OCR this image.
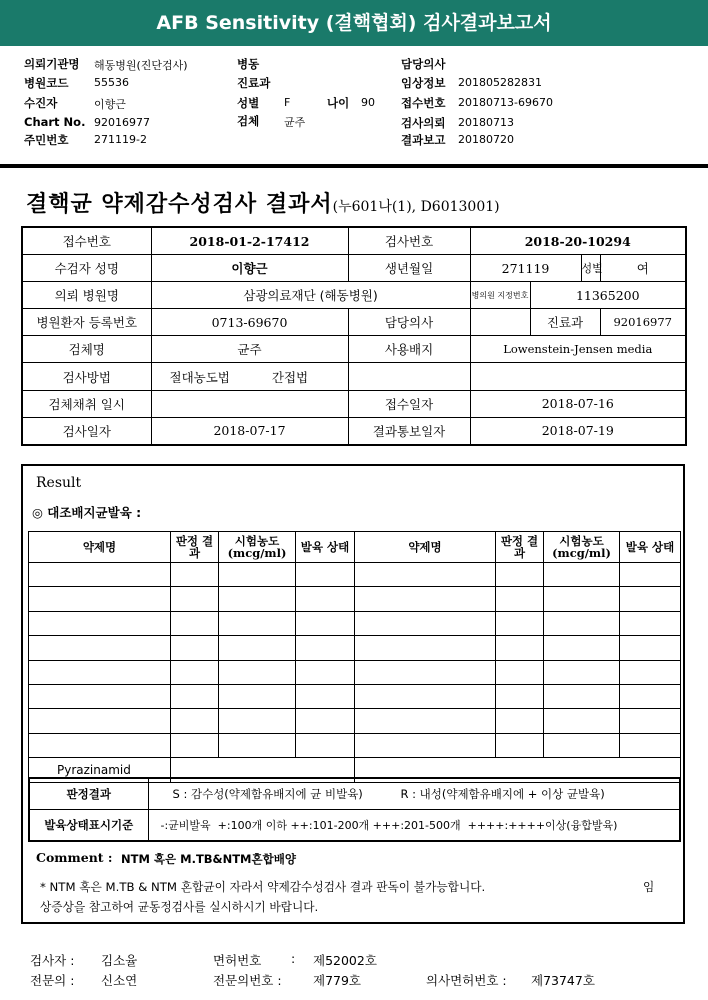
AFB Sensitivity (결핵협회) 검사결과보고서
의뢰기관명 해동병원(진단검사)
병원코드 55536
수진자	이향근
Chart No. 92016977
주민번호 271119-2
병동
진료과
성별 F	나이 90
검체 균주
담당의사
임상정보 201805282831
접수번호 20180713-69670
검사의뢰 20180713
결과보고 20180720
결핵균 약제감수성검사 결과서(누601나(1), D6013001)
접수번호	2018-01-2-17412	검사번호	2018-20-10294			
수검자 성명	이향근	생년월일	271119		성별	여
의뢰 병원명	삼광의료재단 (해동병원)		병의원 지정번호	11365200		
병원환자 등록번호	0713-69670	담당의사		진료과		92016977
검체명	균주	사용배지	Lowenstein-Jensen media			
검사방법	절대농도법 간접법					
검체채취 일시		접수일자	2018-07-16			
검사일자	2018-07-17	결과통보일자	2018-07-19			
Result
◎ 대조배지균발육 :
약제명	판정 결과	시험농도 (mcg/ml)	발육 상태	약제명	판정 결과	시험농도 (mcg/ml)	발육 상태

Pyrazinamid							
판정결과	S : 감수성(약제함유배지에 균 비발육) R : 내성(약제함유배지에 + 이상 균발육)
발육상태표시기준	-:균비발육  +:100개 이하 ++:101-200개 +++:201-500개  ++++:++++이상(융합발육)
Comment : NTM 혹은 M.TB&NTM혼합배양
* NTM 혹은 M.TB & NTM 혼합균이 자라서 약제감수성검사 결과 판독이 불가능합니다.	임
상증상을 참고하여 균동정검사를 실시하시기 바랍니다.
검사자 : 김소율	면허번호 : 제52002호
전문의 : 신소연	전문의번호 :	제779호	의사면허번호 : 제73747호
